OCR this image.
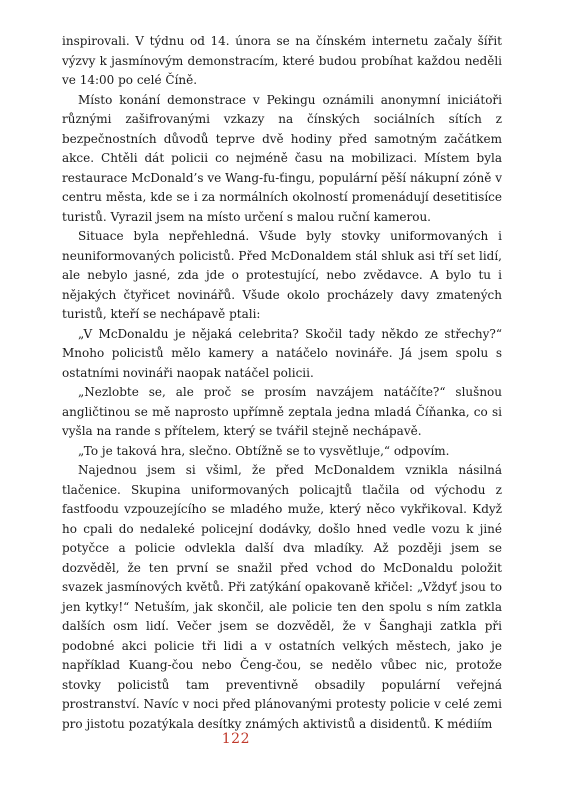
inspirovali. V týdnu od 14. února se na čínském internetu začaly šířit výzvy k jasmínovým demonstracím, které budou probíhat každou neděli ve 14:00 po celé Číně.

Místo konání demonstrace v Pekingu oznámili anonymní iniciátoři různými zašifrovanými vzkazy na čínských sociálních sítích z bezpečnostních důvodů teprve dvě hodiny před samotným začátkem akce. Chtěli dát policii co nejméně času na mobilizaci. Místem byla restaurace McDonald’s ve Wang-fu-ťingu, populární pěší nákupní zóně v centru města, kde se i za normálních okolností promenádují desetitisíce turistů. Vyrazil jsem na místo určení s malou ruční kamerou.

Situace byla nepřehledná. Všude byly stovky uniformovaných i neuniformovaných policistů. Před McDonaldem stál shluk asi tří set lidí, ale nebylo jasné, zda jde o protestující, nebo zvědavce. A bylo tu i nějakých čtyřicet novinářů. Všude okolo procházely davy zmatených turistů, kteří se nechápavě ptali:

„V McDonaldu je nějaká celebrita? Skočil tady někdo ze střechy?“ Mnoho policistů mělo kamery a natáčelo novináře. Já jsem spolu s ostatními novináři naopak natáčel policii.

„Nezlobte se, ale proč se prosím navzájem natáčíte?“ slušnou angličtinou se mě naprosto upřímně zeptala jedna mladá Číňanka, co si vyšla na rande s přítelem, který se tvářil stejně nechápavě.

„To je taková hra, slečno. Obtížně se to vysvětluje,“ odpovím.

Najednou jsem si všiml, že před McDonaldem vznikla násilná tlačenice. Skupina uniformovaných policajtů tlačila od východu z fastfoodu vzpouzejícího se mladého muže, který něco vykřikoval. Když ho cpali do nedaleké policejní dodávky, došlo hned vedle vozu k jiné potyčce a policie odvlekla další dva mladíky. Až později jsem se dozvěděl, že ten první se snažil před vchod do McDonaldu položit svazek jasmínových květů. Při zatýkání opakovaně křičel: „Vždyť jsou to jen kytky!“ Netuším, jak skončil, ale policie ten den spolu s ním zatkla dalších osm lidí. Večer jsem se dozvěděl, že v Šanghaji zatkla při podobné akci policie tři lidi a v ostatních velkých městech, jako je například Kuang-čou nebo Čeng-čou, se nedělo vůbec nic, protože stovky policistů tam preventivně obsadily populární veřejná prostranství. Navíc v noci před plánovanými protesty policie v celé zemi pro jistotu pozatýkala desítky známých aktivistů a disidentů. K médiím

122
